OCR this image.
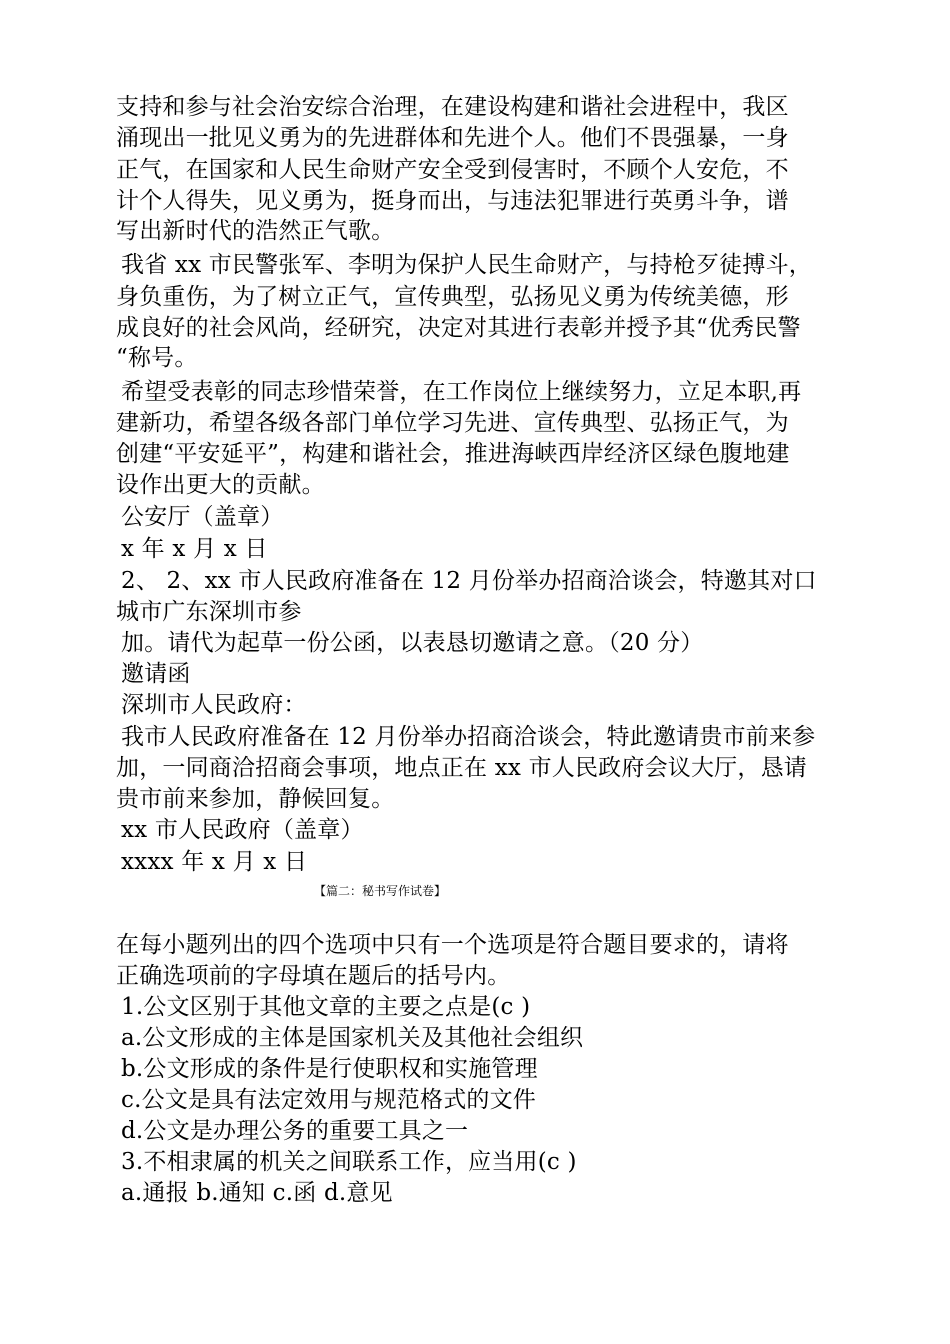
支持和参与社会治安综合治理，在建设构建和谐社会进程中，我区
涌现出一批见义勇为的先进群体和先进个人。他们不畏强暴，一身
正气，在国家和人民生命财产安全受到侵害时，不顾个人安危，不
计个人得失，见义勇为，挺身而出，与违法犯罪进行英勇斗争，谱
写出新时代的浩然正气歌。
我省 xx 市民警张军、李明为保护人民生命财产，与持枪歹徒搏斗，
身负重伤，为了树立正气，宣传典型，弘扬见义勇为传统美德，形
成良好的社会风尚，经研究，决定对其进行表彰并授予其“优秀民警
“称号。
希望受表彰的同志珍惜荣誉，在工作岗位上继续努力，立足本职,再
建新功，希望各级各部门单位学习先进、宣传典型、弘扬正气，为
创建“平安延平”，构建和谐社会，推进海峡西岸经济区绿色腹地建
设作出更大的贡献。
公安厅（盖章）
x 年 x 月 x 日
2、 2、xx 市人民政府准备在 12 月份举办招商洽谈会，特邀其对口
城市广东深圳市参
加。请代为起草一份公函，以表恳切邀请之意。（20 分）
邀请函
深圳市人民政府：
我市人民政府准备在 12 月份举办招商洽谈会，特此邀请贵市前来参
加，一同商洽招商会事项，地点正在 xx 市人民政府会议大厅，恳请
贵市前来参加，静候回复。
xx 市人民政府（盖章）
xxxx 年 x 月 x 日
【篇二：秘书写作试卷】
在每小题列出的四个选项中只有一个选项是符合题目要求的，请将
正确选项前的字母填在题后的括号内。
1.公文区别于其他文章的主要之点是(c )
a.公文形成的主体是国家机关及其他社会组织
b.公文形成的条件是行使职权和实施管理
c.公文是具有法定效用与规范格式的文件
d.公文是办理公务的重要工具之一
3.不相隶属的机关之间联系工作，应当用(c )
a.通报 b.通知 c.函 d.意见
